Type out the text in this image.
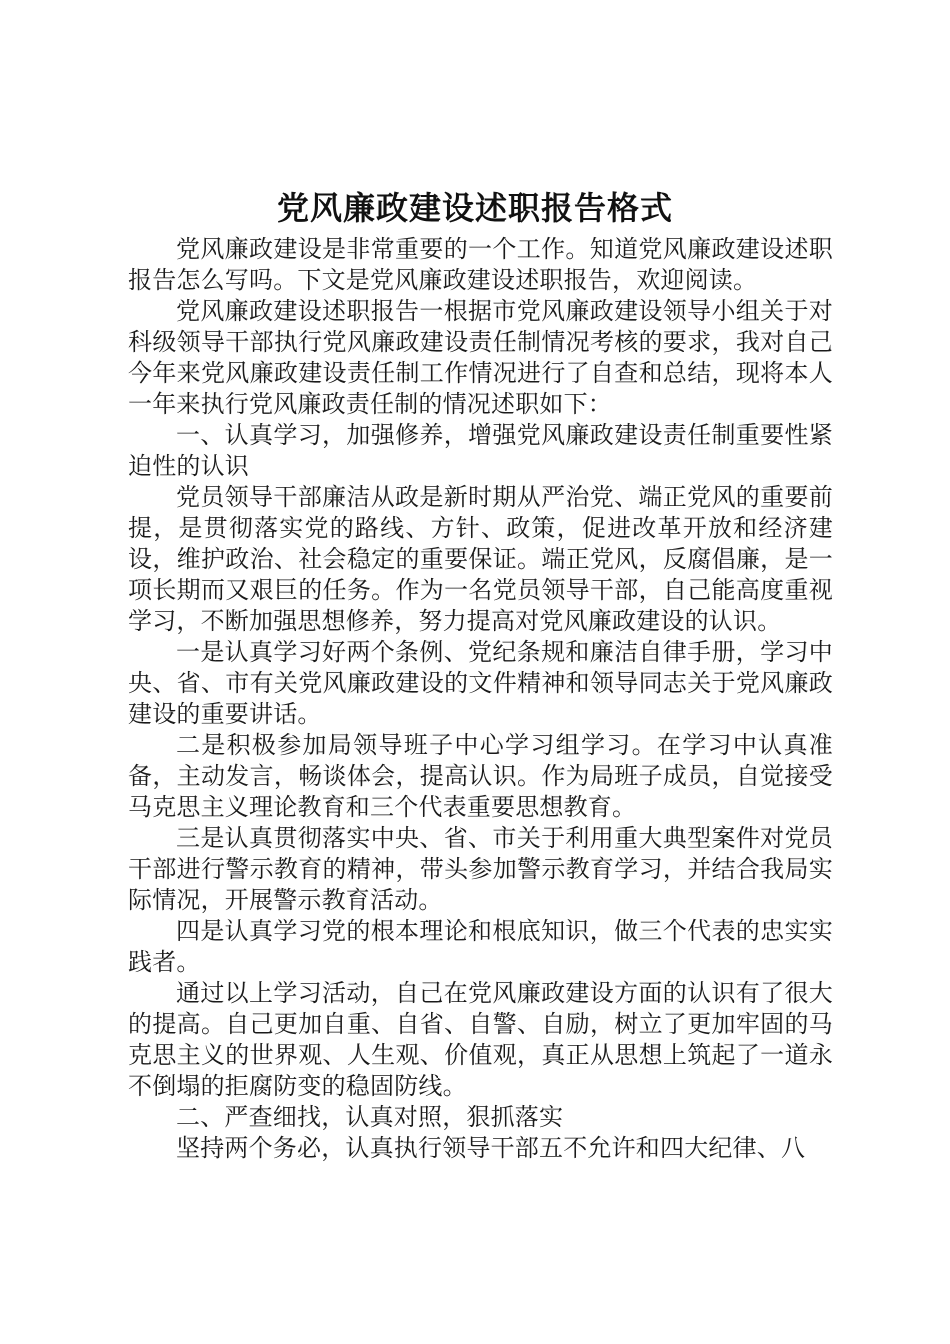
党风廉政建设述职报告格式

党风廉政建设是非常重要的一个工作。知道党风廉政建设述职报告怎么写吗。下文是党风廉政建设述职报告，欢迎阅读。

党风廉政建设述职报告一根据市党风廉政建设领导小组关于对科级领导干部执行党风廉政建设责任制情况考核的要求，我对自己今年来党风廉政建设责任制工作情况进行了自查和总结，现将本人一年来执行党风廉政责任制的情况述职如下：

一、认真学习，加强修养，增强党风廉政建设责任制重要性紧迫性的认识

党员领导干部廉洁从政是新时期从严治党、端正党风的重要前提，是贯彻落实党的路线、方针、政策，促进改革开放和经济建设，维护政治、社会稳定的重要保证。端正党风，反腐倡廉，是一项长期而又艰巨的任务。作为一名党员领导干部，自己能高度重视学习，不断加强思想修养，努力提高对党风廉政建设的认识。

一是认真学习好两个条例、党纪条规和廉洁自律手册，学习中央、省、市有关党风廉政建设的文件精神和领导同志关于党风廉政建设的重要讲话。

二是积极参加局领导班子中心学习组学习。在学习中认真准备，主动发言，畅谈体会，提高认识。作为局班子成员，自觉接受马克思主义理论教育和三个代表重要思想教育。

三是认真贯彻落实中央、省、市关于利用重大典型案件对党员干部进行警示教育的精神，带头参加警示教育学习，并结合我局实际情况，开展警示教育活动。

四是认真学习党的根本理论和根底知识，做三个代表的忠实实践者。

通过以上学习活动，自己在党风廉政建设方面的认识有了很大的提高。自己更加自重、自省、自警、自励，树立了更加牢固的马克思主义的世界观、人生观、价值观，真正从思想上筑起了一道永不倒塌的拒腐防变的稳固防线。

二、严查细找，认真对照，狠抓落实

坚持两个务必，认真执行领导干部五不允许和四大纪律、八
